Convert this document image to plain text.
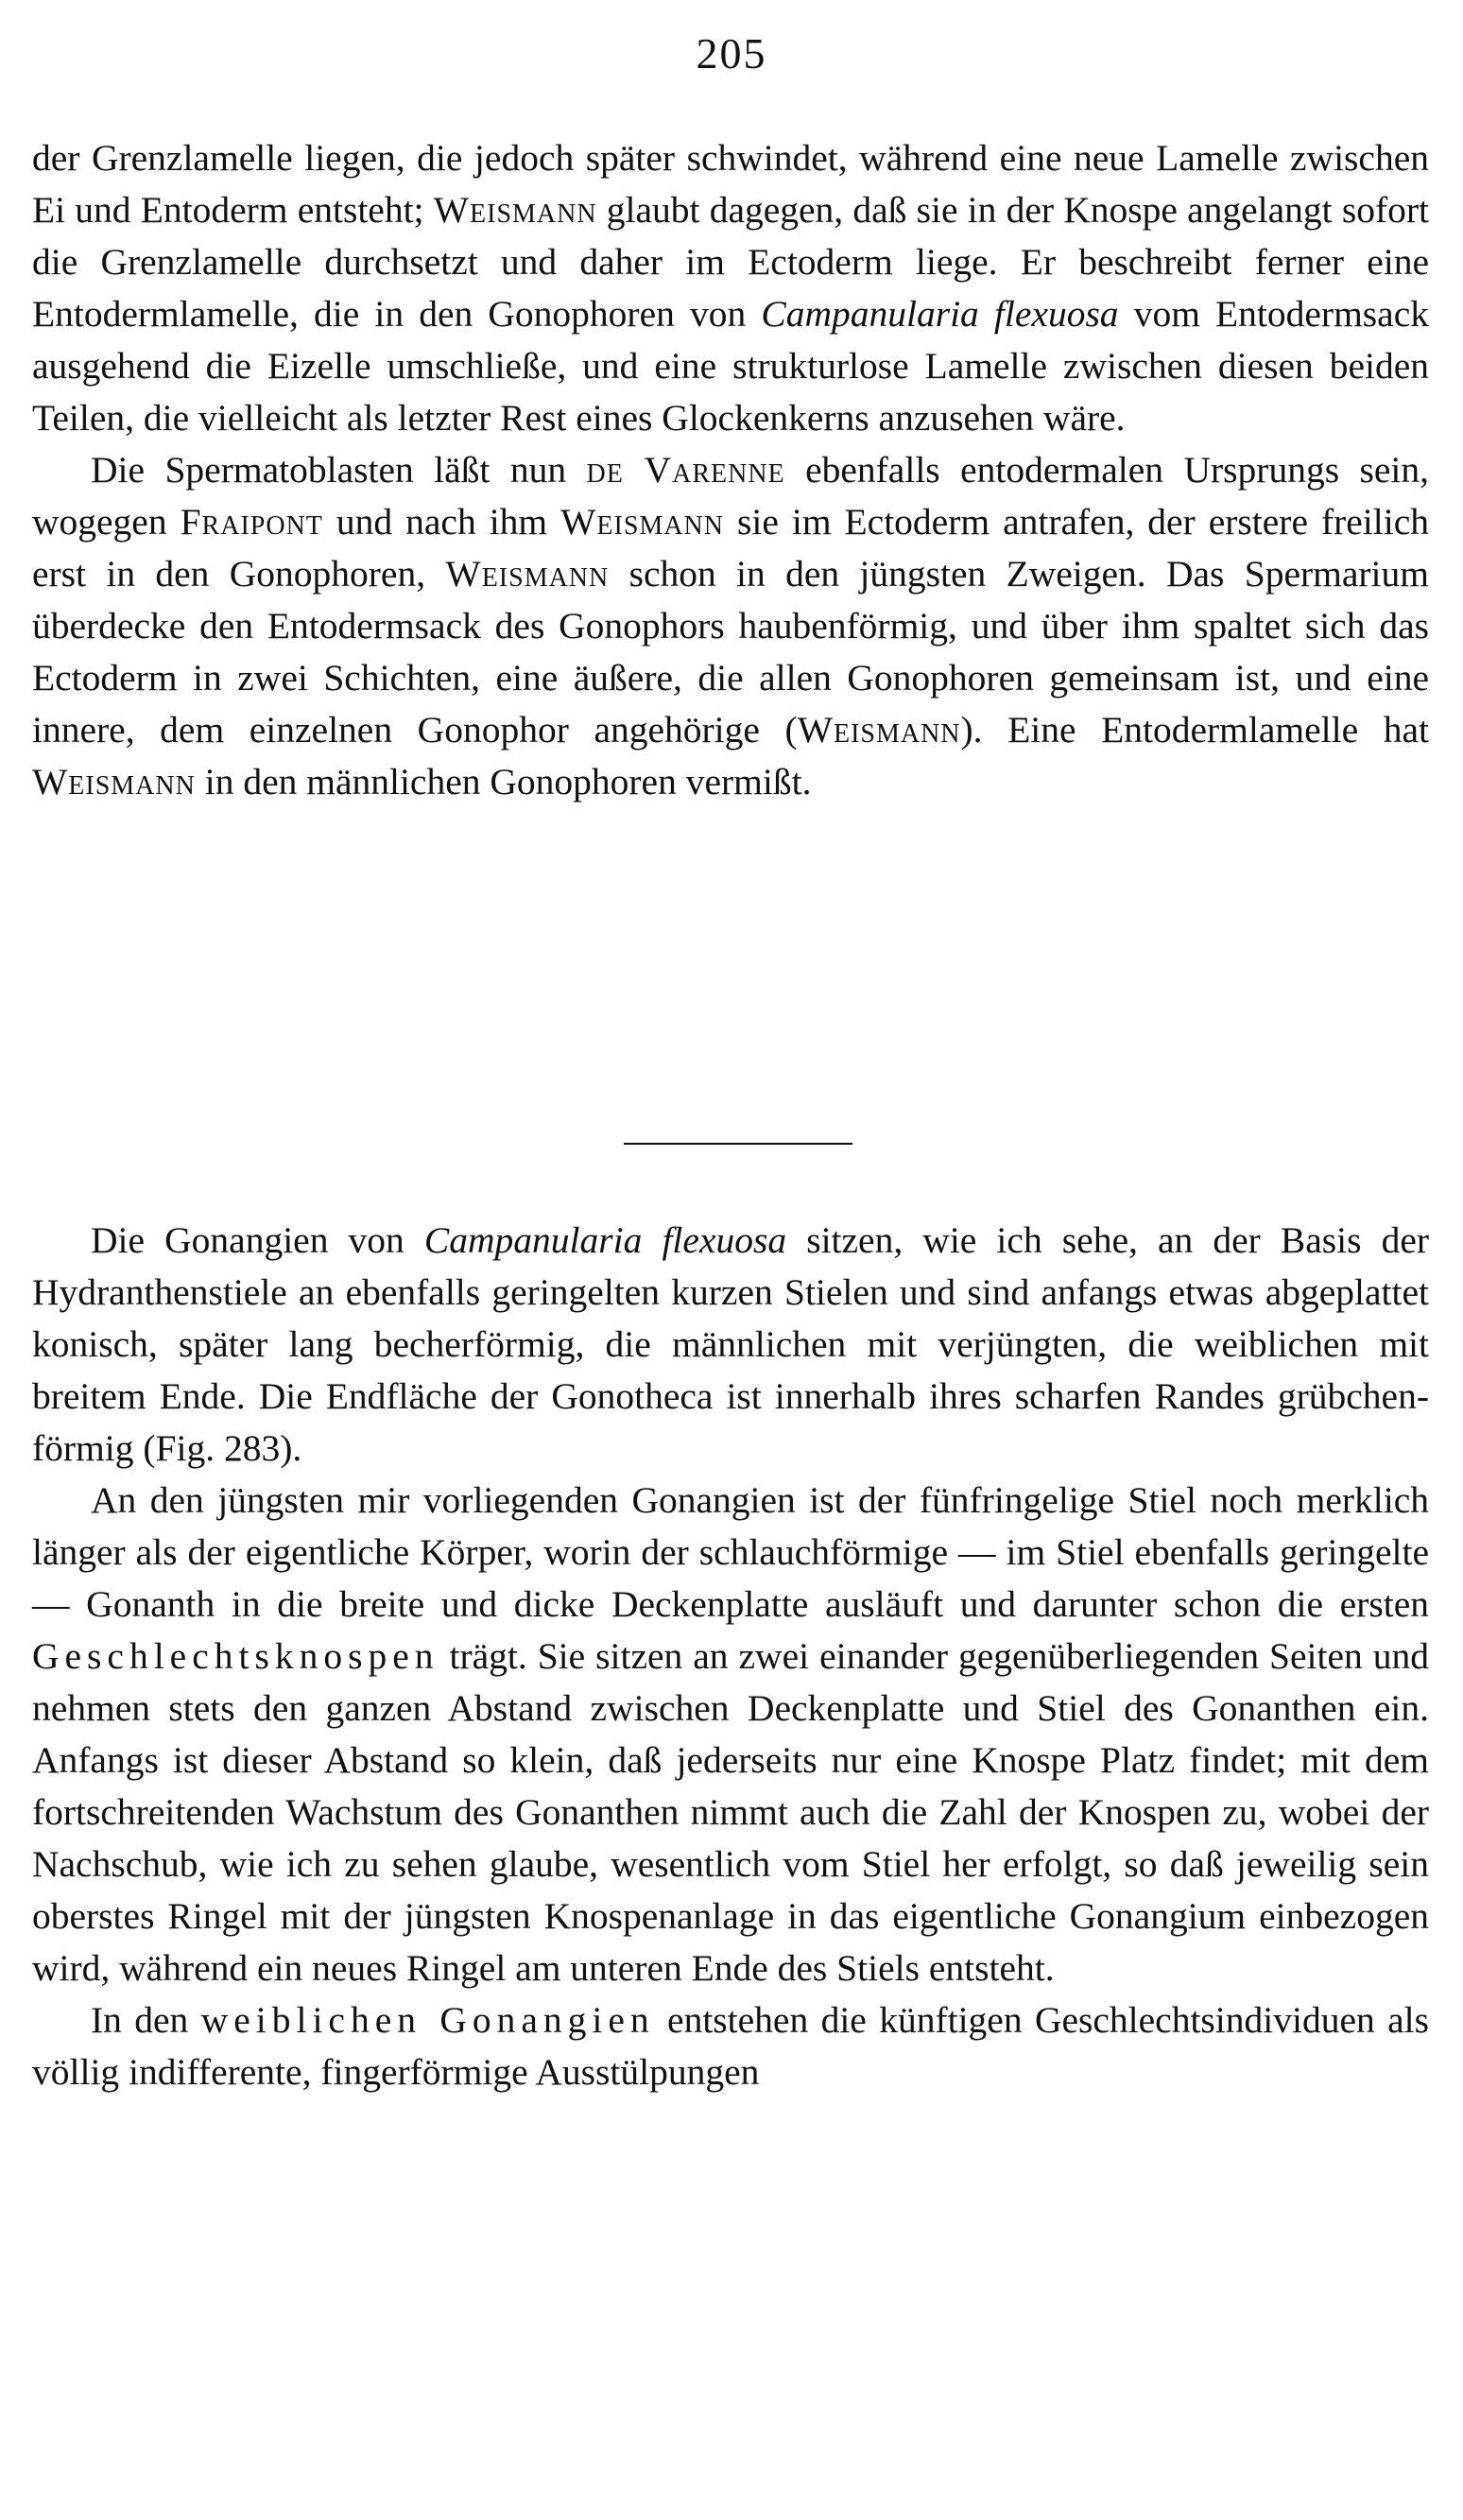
205

der Grenzlamelle liegen, die jedoch später schwindet, während eine neue Lamelle zwischen Ei und Entoderm entsteht; Weismann glaubt dagegen, daß sie in der Knospe angelangt sofort die Grenzlamelle durchsetzt und daher im Ectoderm liege. Er beschreibt ferner eine Entodermlamelle, die in den Gonophoren von Campanularia flexuosa vom Entodermsack ausgehend die Eizelle umschließe, und eine strukturlose Lamelle zwischen diesen beiden Teilen, die vielleicht als letzter Rest eines Glockenkerns anzusehen wäre.

Die Spermatoblasten läßt nun de Varenne ebenfalls entodermalen Ursprungs sein, wogegen Fraipont und nach ihm Weismann sie im Ectoderm antrafen, der erstere freilich erst in den Gonophoren, Weismann schon in den jüngsten Zweigen. Das Spermarium überdecke den Entodermsack des Gonophors haubenförmig, und über ihm spaltet sich das Ectoderm in zwei Schichten, eine äußere, die allen Gonophoren gemeinsam ist, und eine innere, dem einzelnen Gonophor angehörige (Weismann). Eine Entodermlamelle hat Weismann in den männlichen Gonophoren vermißt.

Die Gonangien von Campanularia flexuosa sitzen, wie ich sehe, an der Basis der Hydranthenstiele an ebenfalls geringelten kurzen Stielen und sind anfangs etwas abgeplattet konisch, später lang becherförmig, die männlichen mit verjüngten, die weiblichen mit breitem Ende. Die Endfläche der Gonotheca ist innerhalb ihres scharfen Randes grübchenförmig (Fig. 283).

An den jüngsten mir vorliegenden Gonangien ist der fünfringelige Stiel noch merklich länger als der eigentliche Körper, worin der schlauchförmige — im Stiel ebenfalls geringelte — Gonanth in die breite und dicke Deckenplatte ausläuft und darunter schon die ersten Geschlechtsknospen trägt. Sie sitzen an zwei einander gegenüberliegenden Seiten und nehmen stets den ganzen Abstand zwischen Deckenplatte und Stiel des Gonanthen ein. Anfangs ist dieser Abstand so klein, daß jederseits nur eine Knospe Platz findet; mit dem fortschreitenden Wachstum des Gonanthen nimmt auch die Zahl der Knospen zu, wobei der Nachschub, wie ich zu sehen glaube, wesentlich vom Stiel her erfolgt, so daß jeweilig sein oberstes Ringel mit der jüngsten Knospenanlage in das eigentliche Gonangium einbezogen wird, während ein neues Ringel am unteren Ende des Stiels entsteht.

In den weiblichen Gonangien entstehen die künftigen Geschlechtsindividuen als völlig indifferente, fingerförmige Ausstülpungen
